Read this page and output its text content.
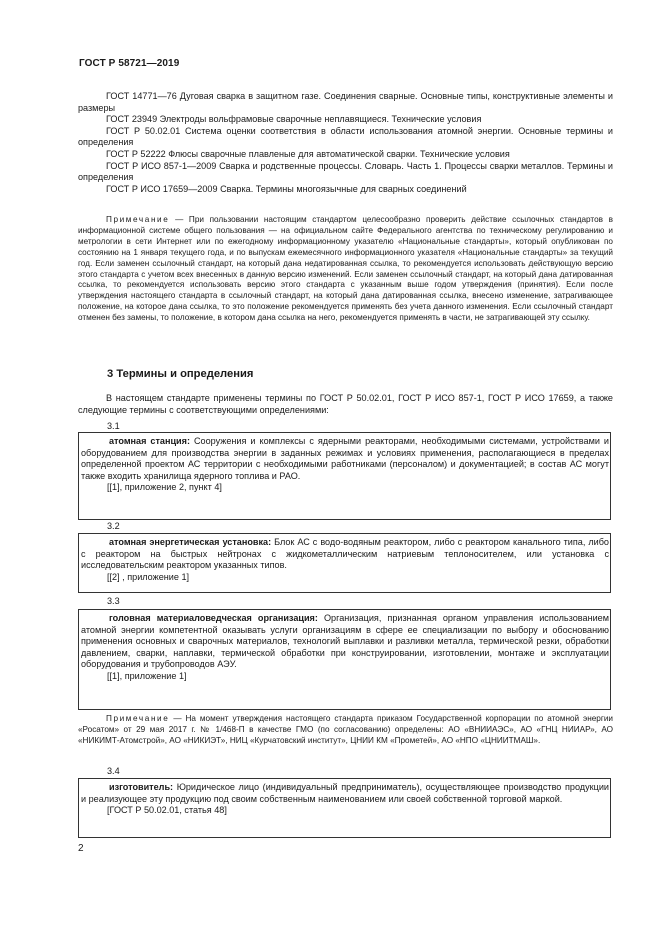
ГОСТ Р 58721—2019

ГОСТ 14771—76 Дуговая сварка в защитном газе. Соединения сварные. Основные типы, конструктивные элементы и размеры

ГОСТ 23949 Электроды вольфрамовые сварочные неплавящиеся. Технические условия

ГОСТ Р 50.02.01 Система оценки соответствия в области использования атомной энергии. Основные термины и определения

ГОСТ Р 52222 Флюсы сварочные плавленые для автоматической сварки. Технические условия

ГОСТ Р ИСО 857-1—2009 Сварка и родственные процессы. Словарь. Часть 1. Процессы сварки металлов. Термины и определения

ГОСТ Р ИСО 17659—2009 Сварка. Термины многоязычные для сварных соединений

Примечание — При пользовании настоящим стандартом целесообразно проверить действие ссылочных стандартов в информационной системе общего пользования — на официальном сайте Федерального агентства по техническому регулированию и метрологии в сети Интернет или по ежегодному информационному указателю «Национальные стандарты», который опубликован по состоянию на 1 января текущего года, и по выпускам ежемесячного информационного указателя «Национальные стандарты» за текущий год. Если заменен ссылочный стандарт, на который дана недатированная ссылка, то рекомендуется использовать действующую версию этого стандарта с учетом всех внесенных в данную версию изменений. Если заменен ссылочный стандарт, на который дана датированная ссылка, то рекомендуется использовать версию этого стандарта с указанным выше годом утверждения (принятия). Если после утверждения настоящего стандарта в ссылочный стандарт, на который дана датированная ссылка, внесено изменение, затрагивающее положение, на которое дана ссылка, то это положение рекомендуется применять без учета данного изменения. Если ссылочный стандарт отменен без замены, то положение, в котором дана ссылка на него, рекомендуется применять в части, не затрагивающей эту ссылку.

3 Термины и определения

В настоящем стандарте применены термины по ГОСТ Р 50.02.01, ГОСТ Р ИСО 857-1, ГОСТ Р ИСО 17659, а также следующие термины с соответствующими определениями:

3.1

атомная станция: Сооружения и комплексы с ядерными реакторами, необходимыми системами, устройствами и оборудованием для производства энергии в заданных режимах и условиях применения, располагающиеся в пределах определенной проектом АС территории с необходимыми работниками (персоналом) и документацией; в состав АС могут также входить хранилища ядерного топлива и РАО.

[[1], приложение 2, пункт 4]

3.2

атомная энергетическая установка: Блок АС с водо-водяным реактором, либо с реактором канального типа, либо с реактором на быстрых нейтронах с жидкометаллическим натриевым теплоносителем, или установка с исследовательским реактором указанных типов.

[[2] , приложение 1]

3.3

головная материаловедческая организация: Организация, признанная органом управления использованием атомной энергии компетентной оказывать услуги организациям в сфере ее специализации по выбору и обоснованию применения основных и сварочных материалов, технологий выплавки и разливки металла, термической резки, обработки давлением, сварки, наплавки, термической обработки при конструировании, изготовлении, монтаже и эксплуатации оборудования и трубопроводов АЭУ.

[[1], приложение 1]

Примечание — На момент утверждения настоящего стандарта приказом Государственной корпорации по атомной энергии «Росатом» от 29 мая 2017 г. № 1/468-П в качестве ГМО (по согласованию) определены: АО «ВНИИАЭС», АО «ГНЦ НИИАР», АО «НИКИМТ-Атомстрой», АО «НИКИЭТ», НИЦ «Курчатовский институт», ЦНИИ КМ «Прометей», АО «НПО «ЦНИИТМАШ».

3.4

изготовитель: Юридическое лицо (индивидуальный предприниматель), осуществляющее производство продукции и реализующее эту продукцию под своим собственным наименованием или своей собственной торговой маркой.

[ГОСТ Р 50.02.01, статья 48]

2
